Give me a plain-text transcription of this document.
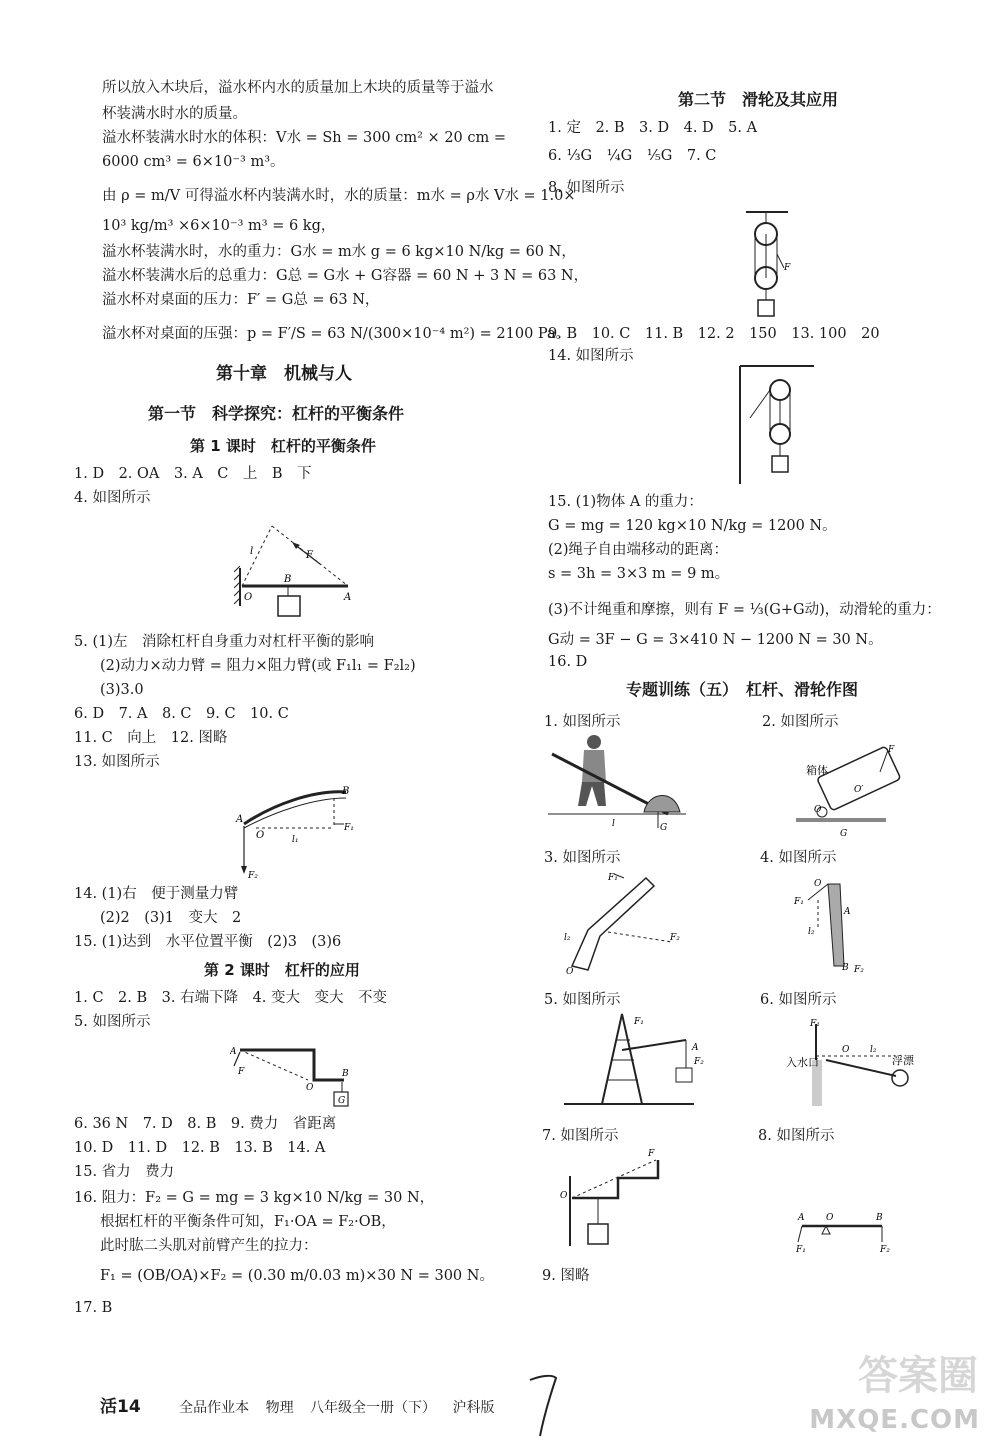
所以放入木块后，溢水杯内水的质量加上木块的质量等于溢水
杯装满水时水的质量。
溢水杯装满水时水的体积：V水 = Sh = 300 cm² × 20 cm =
6000 cm³ = 6×10⁻³ m³。
由 ρ = m/V 可得溢水杯内装满水时，水的质量：m水 = ρ水 V水 = 1.0×
10³ kg/m³ ×6×10⁻³ m³ = 6 kg，
溢水杯装满水时，水的重力：G水 = m水 g = 6 kg×10 N/kg = 60 N，
溢水杯装满水后的总重力：G总 = G水 + G容器 = 60 N + 3 N = 63 N，
溢水杯对桌面的压力：F′ = G总 = 63 N，
溢水杯对桌面的压强：p = F′/S = 63 N/(300×10⁻⁴ m²) = 2100 Pa。
第十章　机械与人
第一节　科学探究：杠杆的平衡条件
第 1 课时　杠杆的平衡条件
1. D　2. OA　3. A　C　上　B　下
4. 如图所示
O
B
A
F
l
5. (1)左　消除杠杆自身重力对杠杆平衡的影响
(2)动力×动力臂 = 阻力×阻力臂(或 F₁l₁ = F₂l₂)
(3)3.0
6. D　7. A　8. C　9. C　10. C
11. C　向上　12. 图略
13. 如图所示
A
O
B
F₁
l₁
F₂
14. (1)右　便于测量力臂
(2)2　(3)1　变大　2
15. (1)达到　水平位置平衡　(2)3　(3)6
第 2 课时　杠杆的应用
1. C　2. B　3. 右端下降　4. 变大　变大　不变
5. 如图所示
G
A
F
O
B
6. 36 N　7. D　8. B　9. 费力　省距离
10. D　11. D　12. B　13. B　14. A
15. 省力　费力
16. 阻力：F₂ = G = mg = 3 kg×10 N/kg = 30 N，
根据杠杆的平衡条件可知，F₁·OA = F₂·OB，
此时肱二头肌对前臂产生的拉力：
F₁ = (OB/OA)×F₂ = (0.30 m/0.03 m)×30 N = 300 N。
17. B
第二节　滑轮及其应用
1. 定　2. B　3. D　4. D　5. A
6. ⅓G　¼G　⅕G　7. C
8. 如图所示
F
9. B　10. C　11. B　12. 2　150　13. 100　20
14. 如图所示
15. (1)物体 A 的重力：
G = mg = 120 kg×10 N/kg = 1200 N。
(2)绳子自由端移动的距离：
s = 3h = 3×3 m = 9 m。
(3)不计绳重和摩擦，则有 F = ⅓(G+G动)，动滑轮的重力：
G动 = 3F − G = 3×410 N − 1200 N = 30 N。
16. D
专题训练（五）　杠杆、滑轮作图
1. 如图所示	2. 如图所示
G
l
F
O′
O
箱体
G
3. 如图所示	4. 如图所示
F₁
F₂
l₂
O
O
F₁
A
l₂
B F₂
5. 如图所示	6. 如图所示
F₁
A
F₂	入水口	浮漂
F₁
O l₂
7. 如图所示	8. 如图所示
F
O
A O	B
F₁	F₂
9. 图略
活14	全品作业本 物理 八年级全一册（下） 沪科版
答案圈
MXQE.COM
